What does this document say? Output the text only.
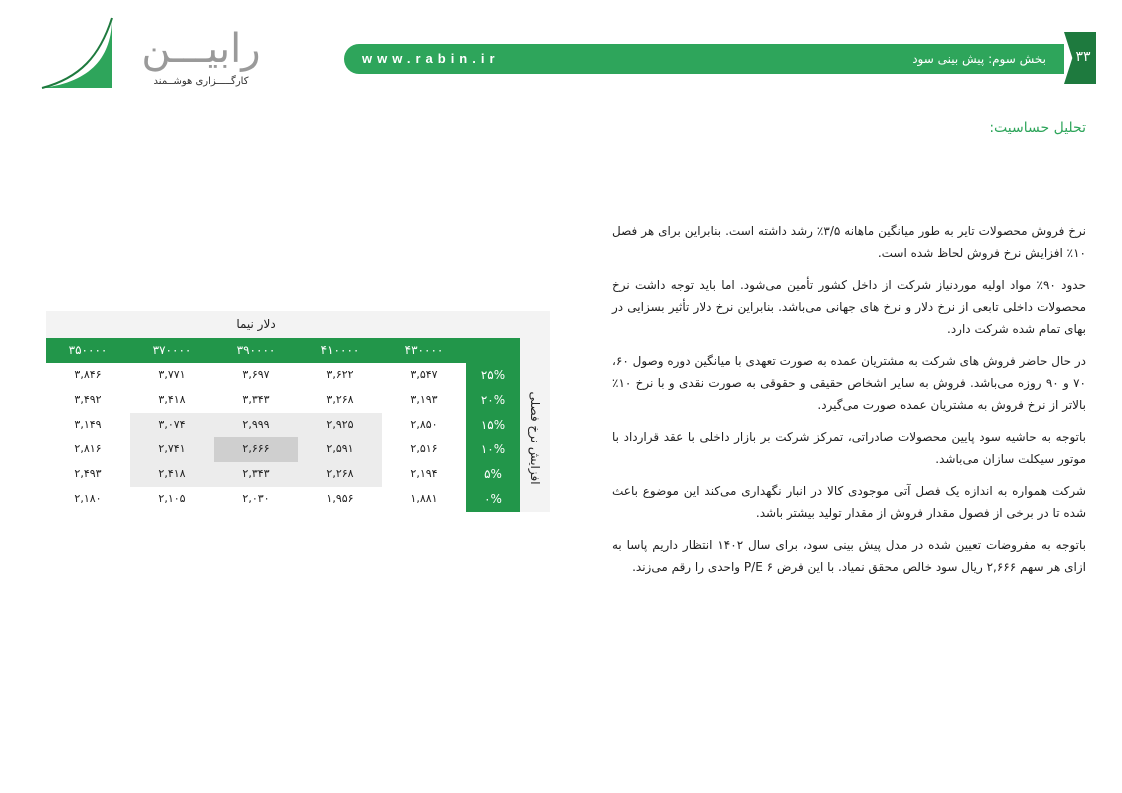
رابیـــن
کارگـــــزاری هوشــمند
www.rabin.ir	بخش سوم: پیش بینی سود	۳۳
تحلیل حساسیت:

نرخ فروش محصولات تایر به طور میانگین ماهانه ۳/۵٪ رشد داشته است. بنابراین برای هر فصل ۱۰٪ افزایش نرخ فروش لحاظ شده است.

حدود ۹۰٪ مواد اولیه موردنیاز شرکت از داخل کشور تأمین می‌شود. اما باید توجه داشت نرخ محصولات داخلی تابعی از نرخ دلار و نرخ های جهانی می‌باشد. بنابراین نرخ دلار تأثیر بسزایی در بهای تمام شده شرکت دارد.

در حال حاضر فروش های شرکت به مشتریان عمده به صورت تعهدی با میانگین دوره وصول ۶۰، ۷۰ و ۹۰ روزه می‌باشد. فروش به سایر اشخاص حقیقی و حقوقی به صورت نقدی و با نرخ ۱۰٪ بالاتر از نرخ فروش به مشتریان عمده صورت می‌گیرد.

باتوجه به حاشیه سود پایین محصولات صادراتی، تمرکز شرکت بر بازار داخلی با عقد قرارداد با موتور سیکلت سازان می‌باشد.

شرکت همواره به اندازه یک فصل آتی موجودی کالا در انبار نگهداری می‌کند این موضوع باعث شده تا در برخی از فصول مقدار فروش از مقدار تولید بیشتر باشد.

باتوجه به مفروضات تعیین شده در مدل پیش بینی سود، برای سال ۱۴۰۲ انتظار داریم پاسا به ازای هر سهم ۲,۶۶۶ ریال سود خالص محقق نمیاد. با این فرض P/E ۶ واحدی را رقم می‌زند.

دلار نیما
۴۳۰۰۰۰
۴۱۰۰۰۰
۳۹۰۰۰۰
۳۷۰۰۰۰
۳۵۰۰۰۰
افزایش نرخ فصلی
۲۵%
۳,۵۴۷
۳,۶۲۲
۳,۶۹۷
۳,۷۷۱
۳,۸۴۶
۲۰%
۳,۱۹۳
۳,۲۶۸
۳,۳۴۳
۳,۴۱۸
۳,۴۹۲
۱۵%
۲,۸۵۰
۲,۹۲۵
۲,۹۹۹
۳,۰۷۴
۳,۱۴۹
۱۰%
۲,۵۱۶
۲,۵۹۱
۲,۶۶۶
۲,۷۴۱
۲,۸۱۶
۵%
۲,۱۹۴
۲,۲۶۸
۲,۳۴۳
۲,۴۱۸
۲,۴۹۳
۰%
۱,۸۸۱
۱,۹۵۶
۲,۰۳۰
۲,۱۰۵
۲,۱۸۰
